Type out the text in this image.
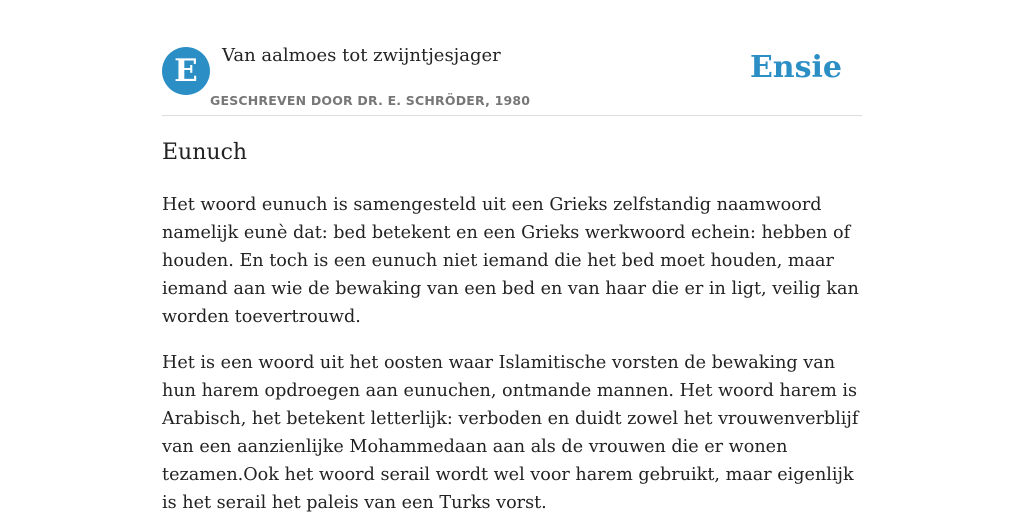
E	Van aalmoes tot zwijntjesjager
GESCHREVEN DOOR DR. E. SCHRÖDER, 1980
Ensie
Eunuch

Het woord eunuch is samengesteld uit een Grieks zelfstandig naamwoord namelijk eunè dat: bed betekent en een Grieks werkwoord echein: hebben of houden. En toch is een eunuch niet iemand die het bed moet houden, maar iemand aan wie de bewaking van een bed en van haar die er in ligt, veilig kan worden toevertrouwd.

Het is een woord uit het oosten waar Islamitische vorsten de bewaking van hun harem opdroegen aan eunuchen, ontmande mannen. Het woord harem is Arabisch, het betekent letterlijk: verboden en duidt zowel het vrouwenverblijf van een aanzienlijke Mohammedaan aan als de vrouwen die er wonen tezamen.Ook het woord serail wordt wel voor harem gebruikt, maar eigenlijk is het serail het paleis van een Turks vorst.
